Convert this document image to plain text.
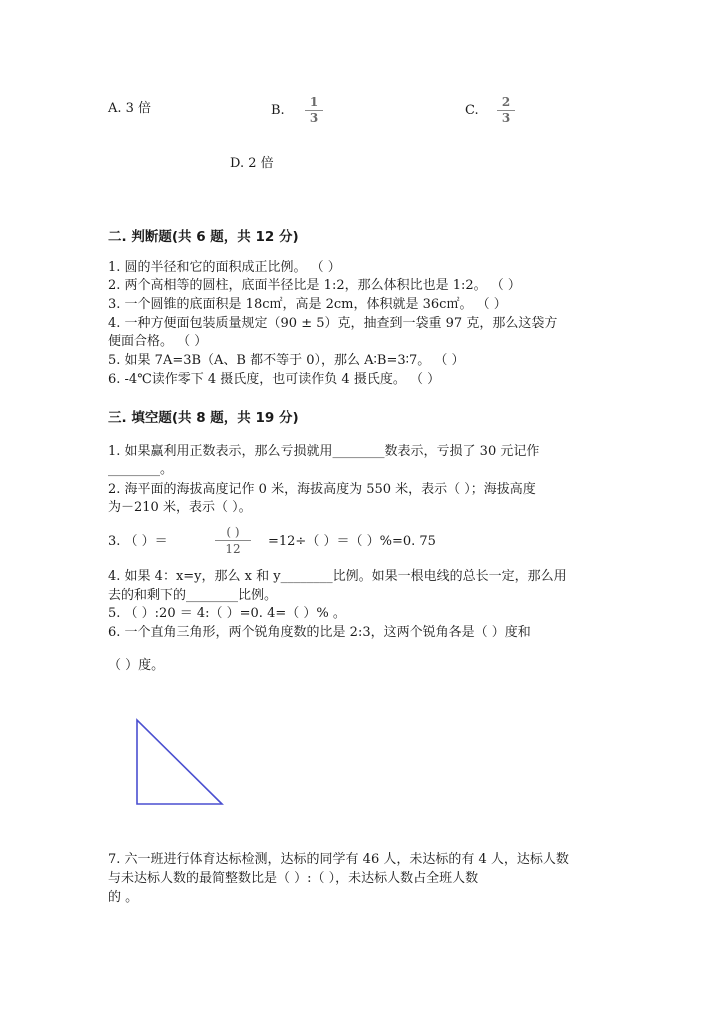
A. 3 倍	B.
1
3	C.
2
3
D. 2 倍
二. 判断题(共 6 题，共 12 分)
1. 圆的半径和它的面积成正比例。 （ ）
2. 两个高相等的圆柱，底面半径比是 1:2，那么体积比也是 1:2。 （ ）
3. 一个圆锥的底面积是 18c㎡，高是 2cm，体积就是 36c㎡。 （ ）
4. 一种方便面包装质量规定（90 ± 5）克，抽查到一袋重 97 克，那么这袋方
便面合格。 （ ）
5. 如果 7A=3B（A、B 都不等于 0），那么 A∶B=3∶7。 （ ）
6. -4℃读作零下 4 摄氏度，也可读作负 4 摄氏度。 （ ）
三. 填空题(共 8 题，共 19 分)
1. 如果赢利用正数表示，那么亏损就用________数表示，亏损了 30 元记作
________。
2. 海平面的海拔高度记作 0 米，海拔高度为 550 米，表示（ ）；海拔高度
为－210 米，表示（ ）。
3. （ ）＝
( )
12	=12÷（ ）＝（ ）%=0. 75
4. 如果 4：x=y，那么 x 和 y________比例。如果一根电线的总长一定，那么用
去的和剩下的________比例。
5. （ ）:20 ＝ 4:（ ）=0. 4=（ ）% 。
6. 一个直角三角形，两个锐角度数的比是 2:3，这两个锐角各是（ ）度和
（ ）度。
7. 六一班进行体育达标检测，达标的同学有 46 人，未达标的有 4 人，达标人数
与未达标人数的最简整数比是（ ）:（ ），未达标人数占全班人数
的 。
